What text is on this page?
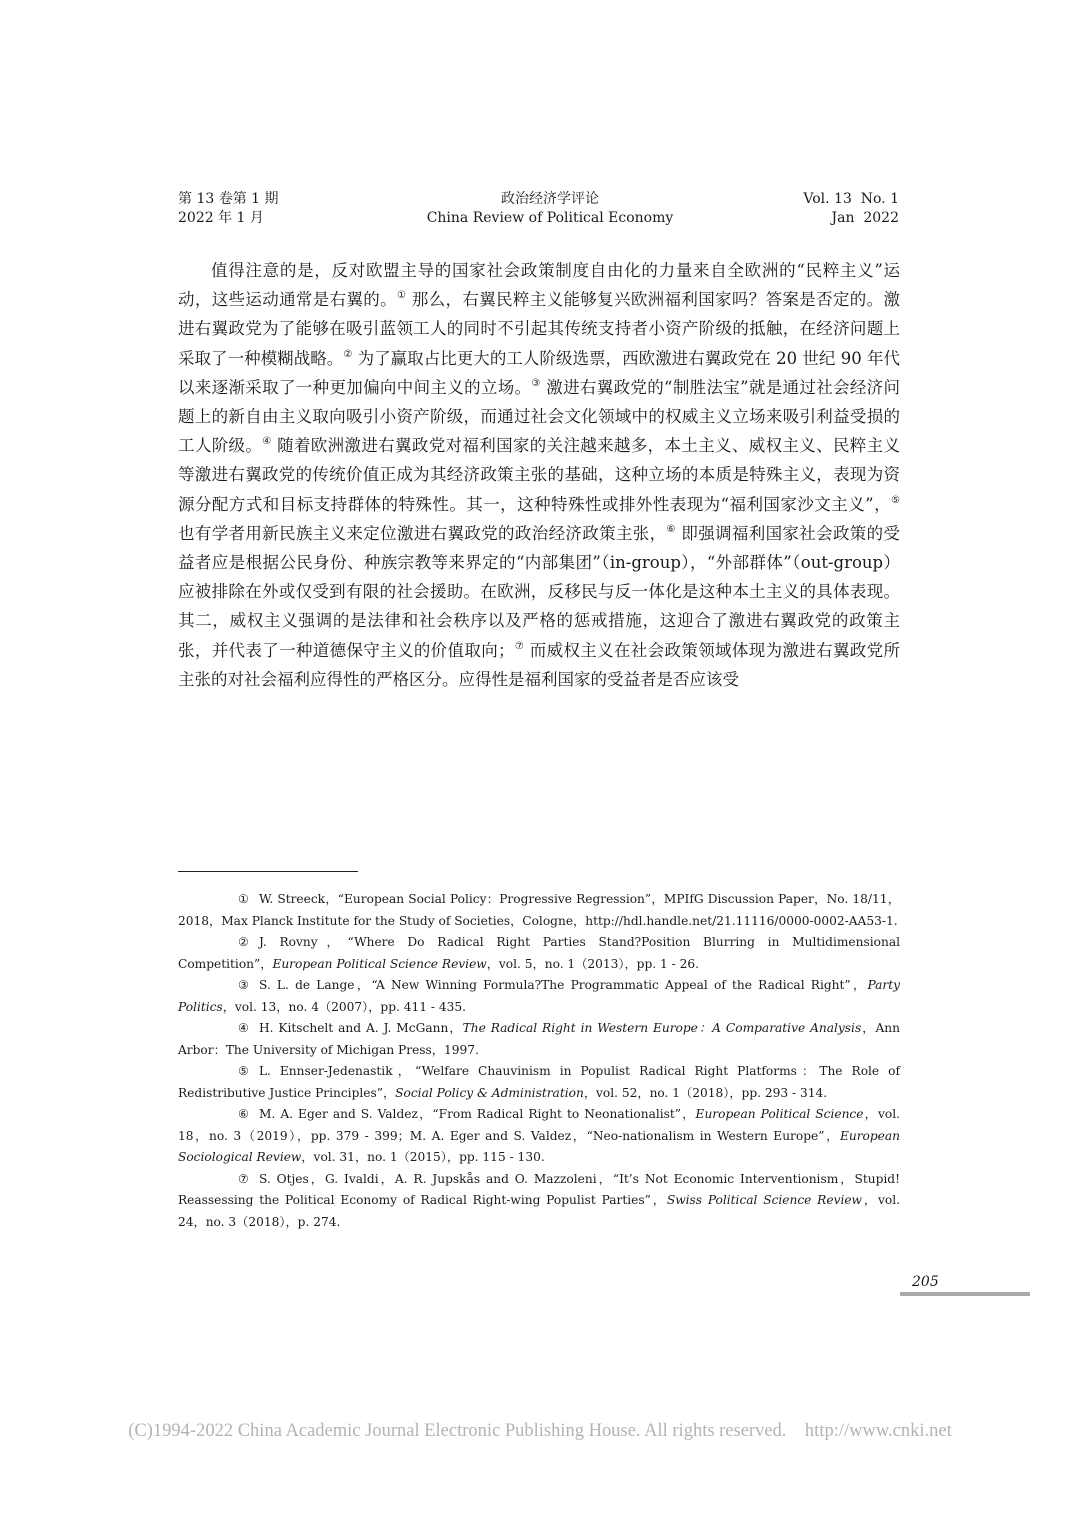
第 13 卷第 1 期
2022 年 1 月
政治经济学评论
China Review of Political Economy
Vol. 13  No. 1
Jan  2022

值得注意的是，反对欧盟主导的国家社会政策制度自由化的力量来自全欧洲的“民粹主义”运动，这些运动通常是右翼的。① 那么，右翼民粹主义能够复兴欧洲福利国家吗？答案是否定的。激进右翼政党为了能够在吸引蓝领工人的同时不引起其传统支持者小资产阶级的抵触，在经济问题上采取了一种模糊战略。② 为了赢取占比更大的工人阶级选票，西欧激进右翼政党在 20 世纪 90 年代以来逐渐采取了一种更加偏向中间主义的立场。③ 激进右翼政党的“制胜法宝”就是通过社会经济问题上的新自由主义取向吸引小资产阶级，而通过社会文化领域中的权威主义立场来吸引利益受损的工人阶级。④ 随着欧洲激进右翼政党对福利国家的关注越来越多，本土主义、威权主义、民粹主义等激进右翼政党的传统价值正成为其经济政策主张的基础，这种立场的本质是特殊主义，表现为资源分配方式和目标支持群体的特殊性。其一，这种特殊性或排外性表现为“福利国家沙文主义”，⑤ 也有学者用新民族主义来定位激进右翼政党的政治经济政策主张，⑥ 即强调福利国家社会政策的受益者应是根据公民身份、种族宗教等来界定的“内部集团”（in-group），“外部群体”（out-group）应被排除在外或仅受到有限的社会援助。在欧洲，反移民与反一体化是这种本土主义的具体表现。其二，威权主义强调的是法律和社会秩序以及严格的惩戒措施，这迎合了激进右翼政党的政策主张，并代表了一种道德保守主义的价值取向；⑦ 而威权主义在社会政策领域体现为激进右翼政党所主张的对社会福利应得性的严格区分。应得性是福利国家的受益者是否应该受

① W. Streeck，“European Social Policy：Progressive Regression”，MPIfG Discussion Paper，No. 18/11，2018，Max Planck Institute for the Study of Societies，Cologne，http://hdl.handle.net/21.11116/0000-0002-AA53-1.

② J. Rovny，“Where Do Radical Right Parties Stand?Position Blurring in Multidimensional Competition”，European Political Science Review，vol. 5，no. 1（2013），pp. 1 - 26.

③ S. L. de Lange，“A New Winning Formula?The Programmatic Appeal of the Radical Right”，Party Politics，vol. 13，no. 4（2007），pp. 411 - 435.

④ H. Kitschelt and A. J. McGann，The Radical Right in Western Europe：A Comparative Analysis，Ann Arbor：The University of Michigan Press，1997.

⑤ L. Ennser-Jedenastik，“Welfare Chauvinism in Populist Radical Right Platforms：The Role of Redistributive Justice Principles”，Social Policy & Administration，vol. 52，no. 1（2018），pp. 293 - 314.

⑥ M. A. Eger and S. Valdez，“From Radical Right to Neonationalist”，European Political Science，vol. 18，no. 3（2019），pp. 379 - 399；M. A. Eger and S. Valdez，“Neo-nationalism in Western Europe”，European Sociological Review，vol. 31，no. 1（2015），pp. 115 - 130.

⑦ S. Otjes，G. Ivaldi，A. R. Jupskås and O. Mazzoleni，“It’s Not Economic Interventionism，Stupid! Reassessing the Political Economy of Radical Right-wing Populist Parties”，Swiss Political Science Review，vol. 24，no. 3（2018），p. 274.

205
(C)1994-2022 China Academic Journal Electronic Publishing House. All rights reserved.    http://www.cnki.net
